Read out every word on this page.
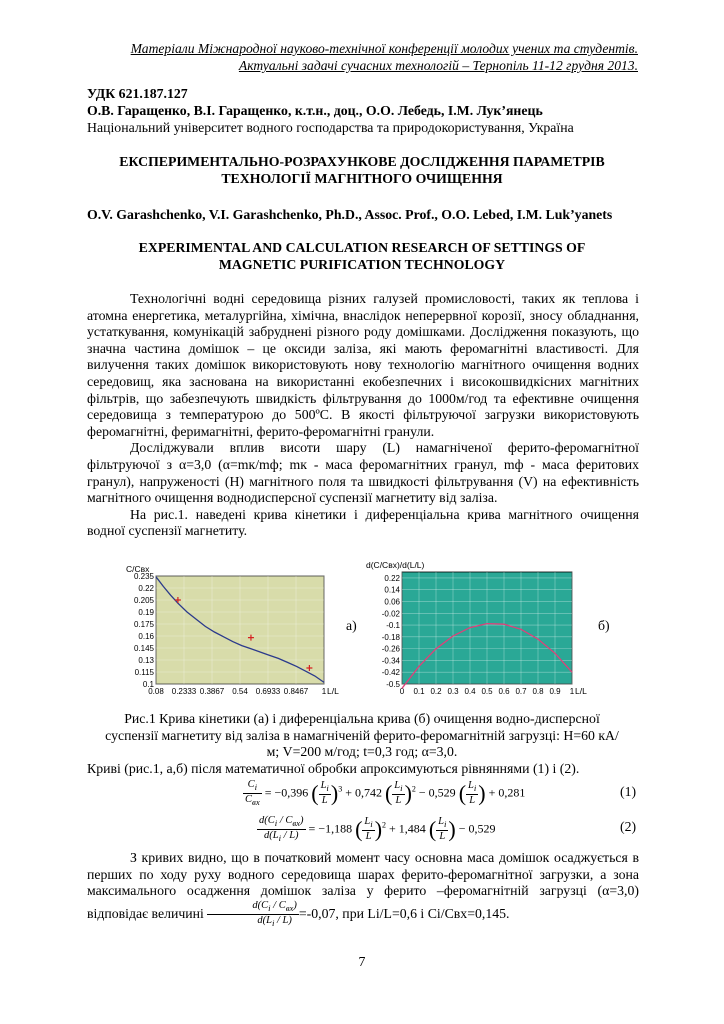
Матеріали Міжнародної науково-технічної конференції молодих учених та студентів.
Актуальні задачі сучасних технологій – Тернопіль 11-12 грудня 2013.
УДК 621.187.127
О.В. Гаращенко, В.І. Гаращенко, к.т.н., доц., О.О. Лебедь, І.М. Лук’янець
Національний університет водного господарства та природокористування, Україна
ЕКСПЕРИМЕНТАЛЬНО-РОЗРАХУНКОВЕ ДОСЛІДЖЕННЯ ПАРАМЕТРІВ ТЕХНОЛОГІЇ МАГНІТНОГО ОЧИЩЕННЯ
O.V. Garashchenko, V.I. Garashchenko, Ph.D., Assoc. Prof., O.O. Lebed, I.M. Luk’yanets
EXPERIMENTAL AND CALCULATION RESEARCH OF SETTINGS OF MAGNETIC PURIFICATION TECHNOLOGY

Технологічні водні середовища різних галузей промисловості, таких як теплова і атомна енергетика, металургійна, хімічна, внаслідок неперервної корозії, зносу обладнання, устаткування, комунікацій забруднені різного роду домішками. Дослідження показують, що значна частина домішок – це оксиди заліза, які мають феромагнітні властивості. Для вилучення таких домішок використовують нову технологію магнітного очищення водних середовищ, яка заснована на використанні екобезпечних і високошвидкісних магнітних фільтрів, що забезпечують швидкість фільтрування до 1000м/год та ефективне очищення середовища з температурою до 500ºС. В якості фільтруючої загрузки використовують феромагнітні, феримагнітні, ферито-феромагнітні гранули.

Досліджували вплив висоти шару (L) намагніченої ферито-феромагнітної фільтруючої з α=3,0 (α=mк/mф; mк - маса феромагнітних гранул, mф - маса феритових гранул), напруженості (Н) магнітного поля та швидкості фільтрування (V) на ефективність магнітного очищення воднодисперсної суспензії магнетиту від заліза.

На рис.1. наведені крива кінетики і диференціальна крива магнітного очищення водної суспензії магнетиту.

0.235
0.22
0.205
0.19
0.175
0.16
0.145
0.13
0.115
0.1
0.08 0.2333 0.3867 0.54 0.6933 0.8467 1
C/Cвх
L/L
а)
0.22
0.14
0.06
-0.02
-0.1
-0.18
-0.26
-0.34
-0.42
-0.5
0 0.1 0.2 0.3 0.4 0.5 0.6 0.7 0.8 0.9 1
d(C/Cвх)/d(L/L)
L/L
б)
Рис.1 Крива кінетики (а) і диференціальна крива (б) очищення водно-дисперсної суспензії магнетиту від заліза в намагніченій ферито-феромагнітній загрузці: Н=60 кА/м; V=200 м/год; t=0,3 год; α=3,0.
Криві (рис.1, а,б) після математичної обробки апроксимуються рівняннями (1) і (2).
$C_i$
$C_{вх}$
= −0,396 ( $\frac{L_i}{L} )^3 + 0,742$ ( $\frac{L_i}{L} )^2 - 0,529$ ( $\frac{L_i}{L}$ ) + 0,281	(1)
$d(C_i / C_{вх})$
$d(L_i / L)$
= −1,188 ( $\frac{L_i}{L} )^2 + 1,484$ ( $\frac{L_i}{L}$ ) − 0,529	(2)

З кривих видно, що в початковий момент часу основна маса домішок осаджується в перших по ходу руху водного середовища шарах ферито-феромагнітної загрузки, а зона максимального осадження домішок заліза у ферито –феромагнітній загрузці (α=3,0) відповідає величині
$d(C_i / C_{вх})$
$d(L_i / L) =-0,07$, при Lі/L=0,6 і Cі/Cвх=0,145.

7
